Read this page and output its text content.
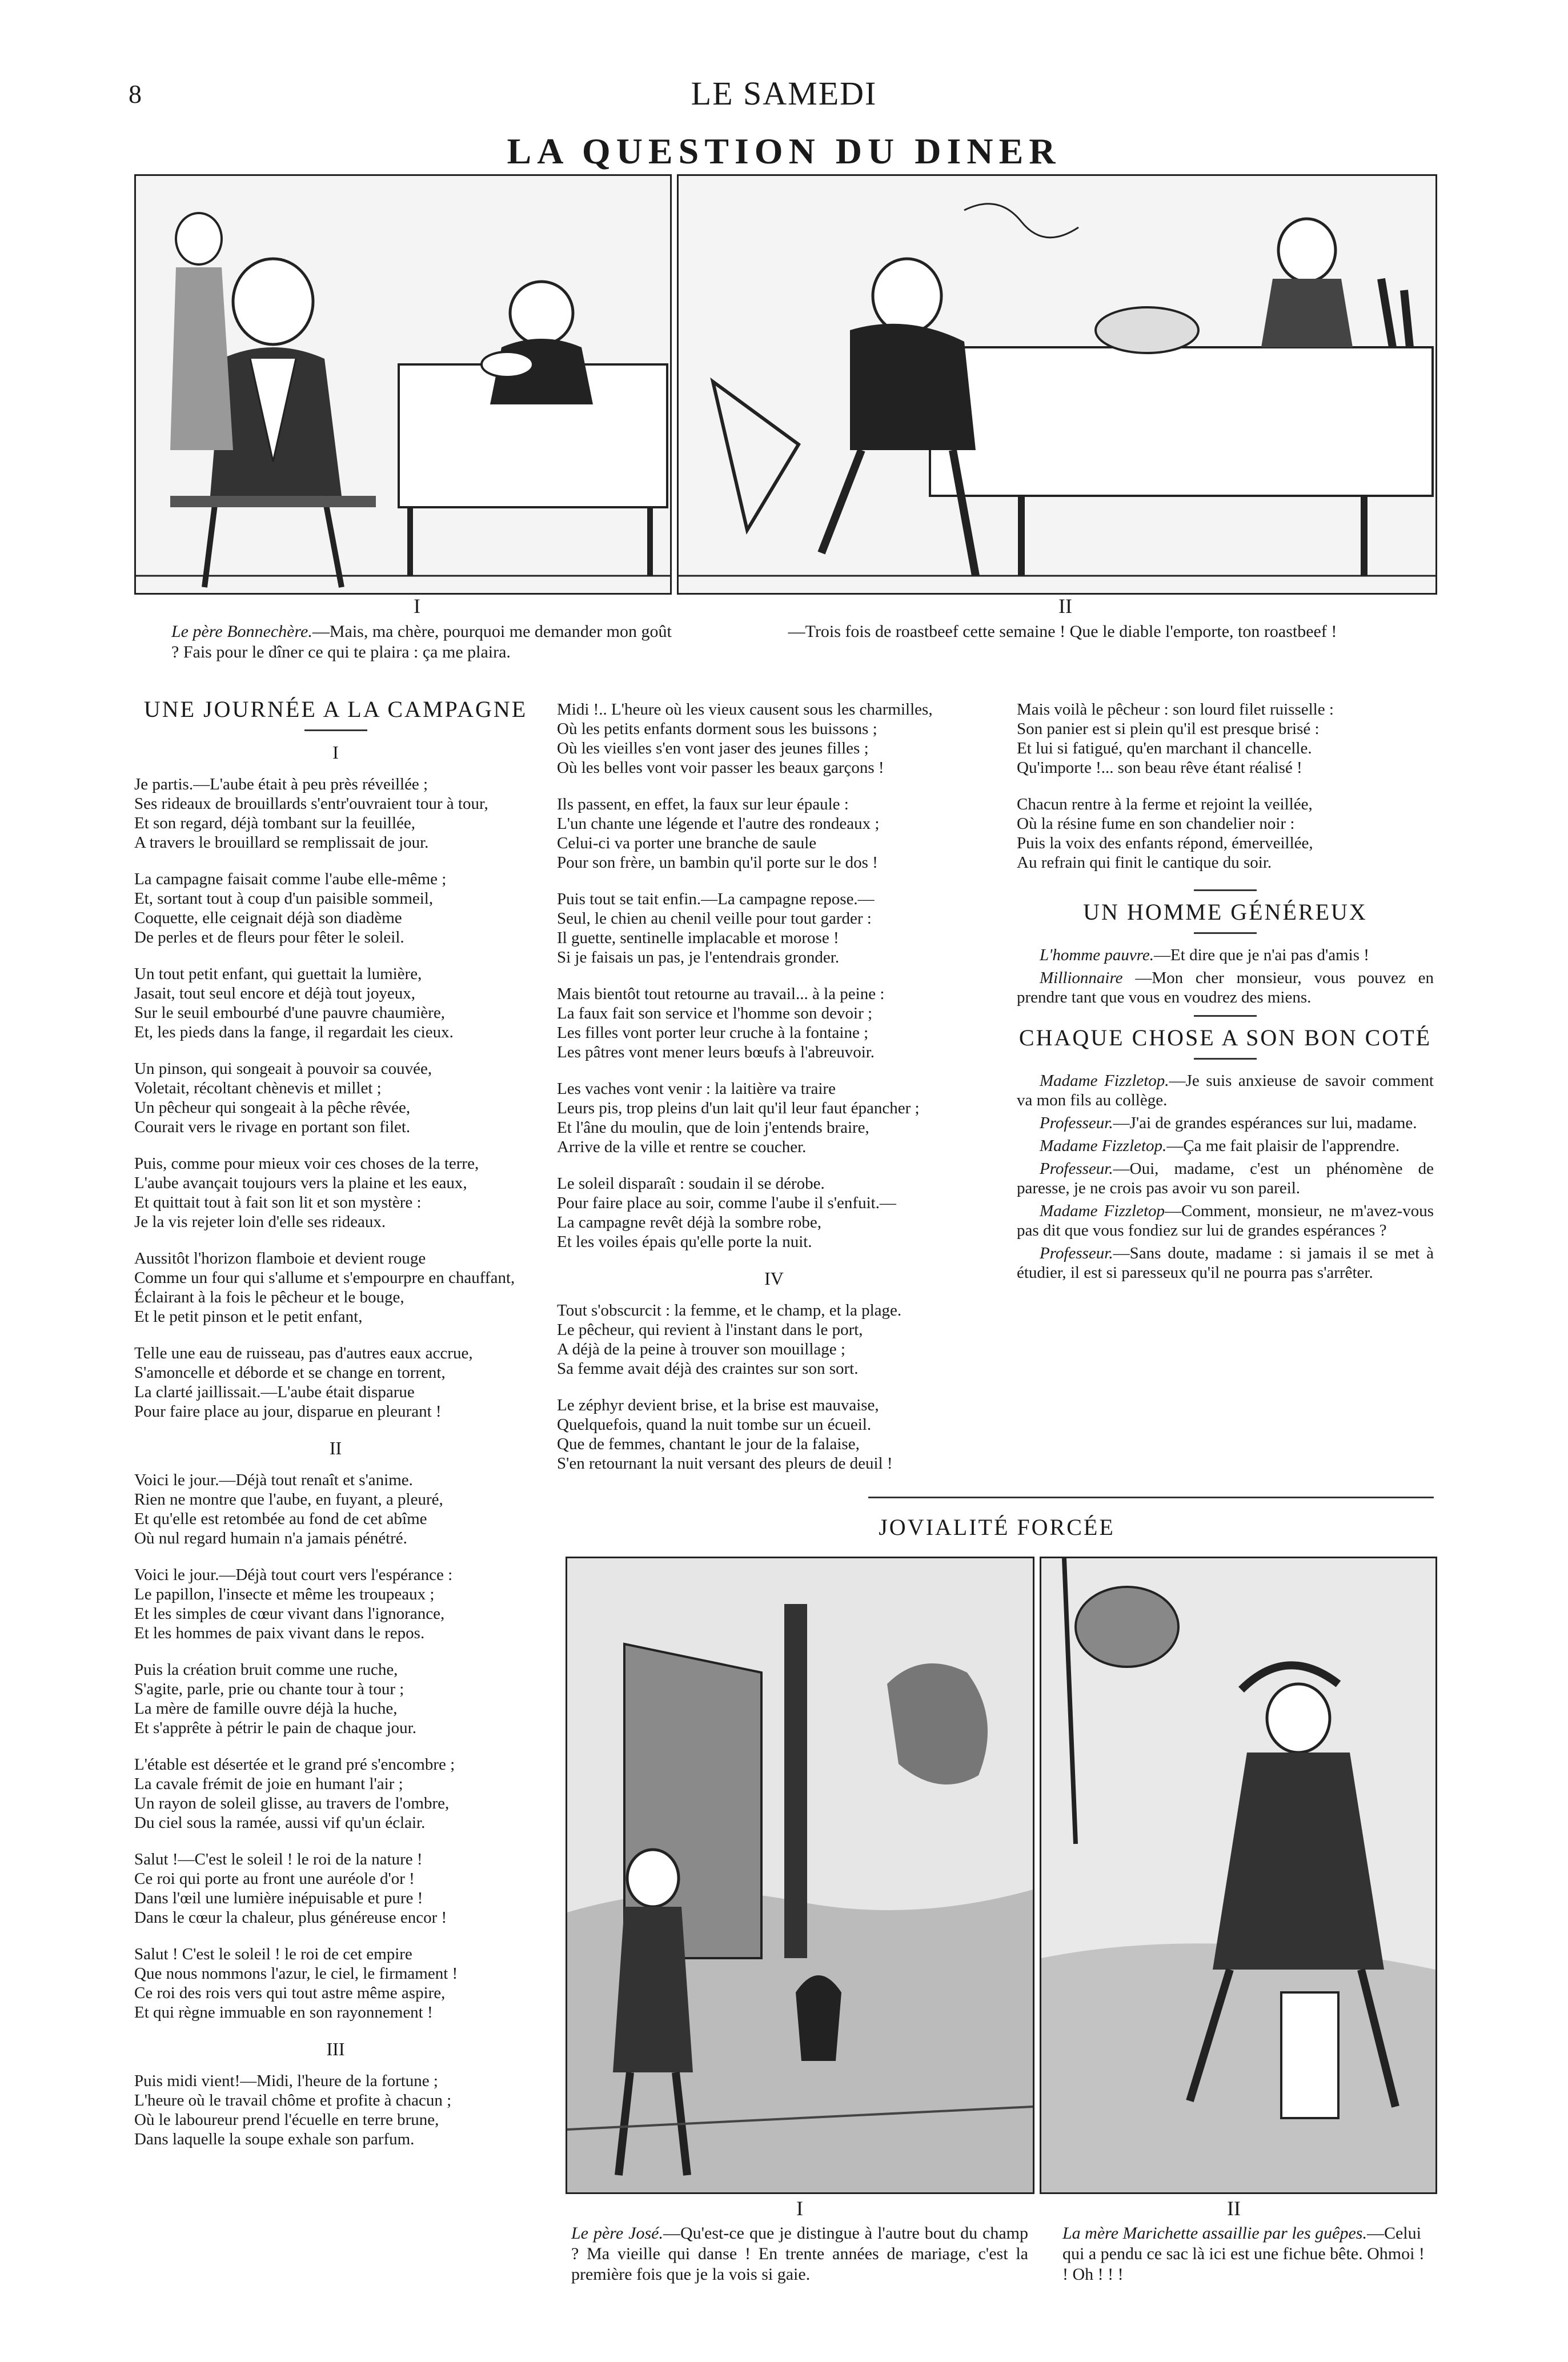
8	LE SAMEDI
LA QUESTION DU DINER
I	II
Le père Bonnechère.—Mais, ma chère, pourquoi me demander mon goût ? Fais pour le dîner ce qui te plaira : ça me plaira.
—Trois fois de roastbeef cette semaine ! Que le diable l'emporte, ton roastbeef !
UNE JOURNÉE A LA CAMPAGNE
I
Je partis.—L'aube était à peu près réveillée ;
Ses rideaux de brouillards s'entr'ouvraient tour à tour,
Et son regard, déjà tombant sur la feuillée,
A travers le brouillard se remplissait de jour.
La campagne faisait comme l'aube elle-même ;
Et, sortant tout à coup d'un paisible sommeil,
Coquette, elle ceignait déjà son diadème
De perles et de fleurs pour fêter le soleil.
Un tout petit enfant, qui guettait la lumière,
Jasait, tout seul encore et déjà tout joyeux,
Sur le seuil embourbé d'une pauvre chaumière,
Et, les pieds dans la fange, il regardait les cieux.
Un pinson, qui songeait à pouvoir sa couvée,
Voletait, récoltant chènevis et millet ;
Un pêcheur qui songeait à la pêche rêvée,
Courait vers le rivage en portant son filet.
Puis, comme pour mieux voir ces choses de la terre,
L'aube avançait toujours vers la plaine et les eaux,
Et quittait tout à fait son lit et son mystère :
Je la vis rejeter loin d'elle ses rideaux.
Aussitôt l'horizon flamboie et devient rouge
Comme un four qui s'allume et s'empourpre en chauffant,
Éclairant à la fois le pêcheur et le bouge,
Et le petit pinson et le petit enfant,
Telle une eau de ruisseau, pas d'autres eaux accrue,
S'amoncelle et déborde et se change en torrent,
La clarté jaillissait.—L'aube était disparue
Pour faire place au jour, disparue en pleurant !
II
Voici le jour.—Déjà tout renaît et s'anime.
Rien ne montre que l'aube, en fuyant, a pleuré,
Et qu'elle est retombée au fond de cet abîme
Où nul regard humain n'a jamais pénétré.
Voici le jour.—Déjà tout court vers l'espérance :
Le papillon, l'insecte et même les troupeaux ;
Et les simples de cœur vivant dans l'ignorance,
Et les hommes de paix vivant dans le repos.
Puis la création bruit comme une ruche,
S'agite, parle, prie ou chante tour à tour ;
La mère de famille ouvre déjà la huche,
Et s'apprête à pétrir le pain de chaque jour.
L'étable est désertée et le grand pré s'encombre ;
La cavale frémit de joie en humant l'air ;
Un rayon de soleil glisse, au travers de l'ombre,
Du ciel sous la ramée, aussi vif qu'un éclair.
Salut !—C'est le soleil ! le roi de la nature !
Ce roi qui porte au front une auréole d'or !
Dans l'œil une lumière inépuisable et pure !
Dans le cœur la chaleur, plus généreuse encor !
Salut ! C'est le soleil ! le roi de cet empire
Que nous nommons l'azur, le ciel, le firmament !
Ce roi des rois vers qui tout astre même aspire,
Et qui règne immuable en son rayonnement !
III
Puis midi vient!—Midi, l'heure de la fortune ;
L'heure où le travail chôme et profite à chacun ;
Où le laboureur prend l'écuelle en terre brune,
Dans laquelle la soupe exhale son parfum.
Midi !.. L'heure où les vieux causent sous les charmilles,
Où les petits enfants dorment sous les buissons ;
Où les vieilles s'en vont jaser des jeunes filles ;
Où les belles vont voir passer les beaux garçons !
Ils passent, en effet, la faux sur leur épaule :
L'un chante une légende et l'autre des rondeaux ;
Celui-ci va porter une branche de saule
Pour son frère, un bambin qu'il porte sur le dos !
Puis tout se tait enfin.—La campagne repose.—
Seul, le chien au chenil veille pour tout garder :
Il guette, sentinelle implacable et morose !
Si je faisais un pas, je l'entendrais gronder.
Mais bientôt tout retourne au travail... à la peine :
La faux fait son service et l'homme son devoir ;
Les filles vont porter leur cruche à la fontaine ;
Les pâtres vont mener leurs bœufs à l'abreuvoir.
Les vaches vont venir : la laitière va traire
Leurs pis, trop pleins d'un lait qu'il leur faut épancher ;
Et l'âne du moulin, que de loin j'entends braire,
Arrive de la ville et rentre se coucher.
Le soleil disparaît : soudain il se dérobe.
Pour faire place au soir, comme l'aube il s'enfuit.—
La campagne revêt déjà la sombre robe,
Et les voiles épais qu'elle porte la nuit.
IV
Tout s'obscurcit : la femme, et le champ, et la plage.
Le pêcheur, qui revient à l'instant dans le port,
A déjà de la peine à trouver son mouillage ;
Sa femme avait déjà des craintes sur son sort.
Le zéphyr devient brise, et la brise est mauvaise,
Quelquefois, quand la nuit tombe sur un écueil.
Que de femmes, chantant le jour de la falaise,
S'en retournant la nuit versant des pleurs de deuil !
Mais voilà le pêcheur : son lourd filet ruisselle :
Son panier est si plein qu'il est presque brisé :
Et lui si fatigué, qu'en marchant il chancelle.
Qu'importe !... son beau rêve étant réalisé !
Chacun rentre à la ferme et rejoint la veillée,
Où la résine fume en son chandelier noir :
Puis la voix des enfants répond, émerveillée,
Au refrain qui finit le cantique du soir.
UN HOMME GÉNÉREUX
L'homme pauvre.—Et dire que je n'ai pas d'amis !
Millionnaire —Mon cher monsieur, vous pouvez en prendre tant que vous en voudrez des miens.
CHAQUE CHOSE A SON BON COTÉ
Madame Fizzletop.—Je suis anxieuse de savoir comment va mon fils au collège.
Professeur.—J'ai de grandes espérances sur lui, madame.
Madame Fizzletop.—Ça me fait plaisir de l'apprendre.
Professeur.—Oui, madame, c'est un phénomène de paresse, je ne crois pas avoir vu son pareil.
Madame Fizzletop—Comment, monsieur, ne m'avez-vous pas dit que vous fondiez sur lui de grandes espérances ?
Professeur.—Sans doute, madame : si jamais il se met à étudier, il est si paresseux qu'il ne pourra pas s'arrêter.
JOVIALITÉ FORCÉE
I	II
Le père José.—Qu'est-ce que je distingue à l'autre bout du champ ? Ma vieille qui danse ! En trente années de mariage, c'est la première fois que je la vois si gaie.
La mère Marichette assaillie par les guêpes.—Celui qui a pendu ce sac là ici est une fichue bête. Ohmoi ! ! Oh ! ! !
